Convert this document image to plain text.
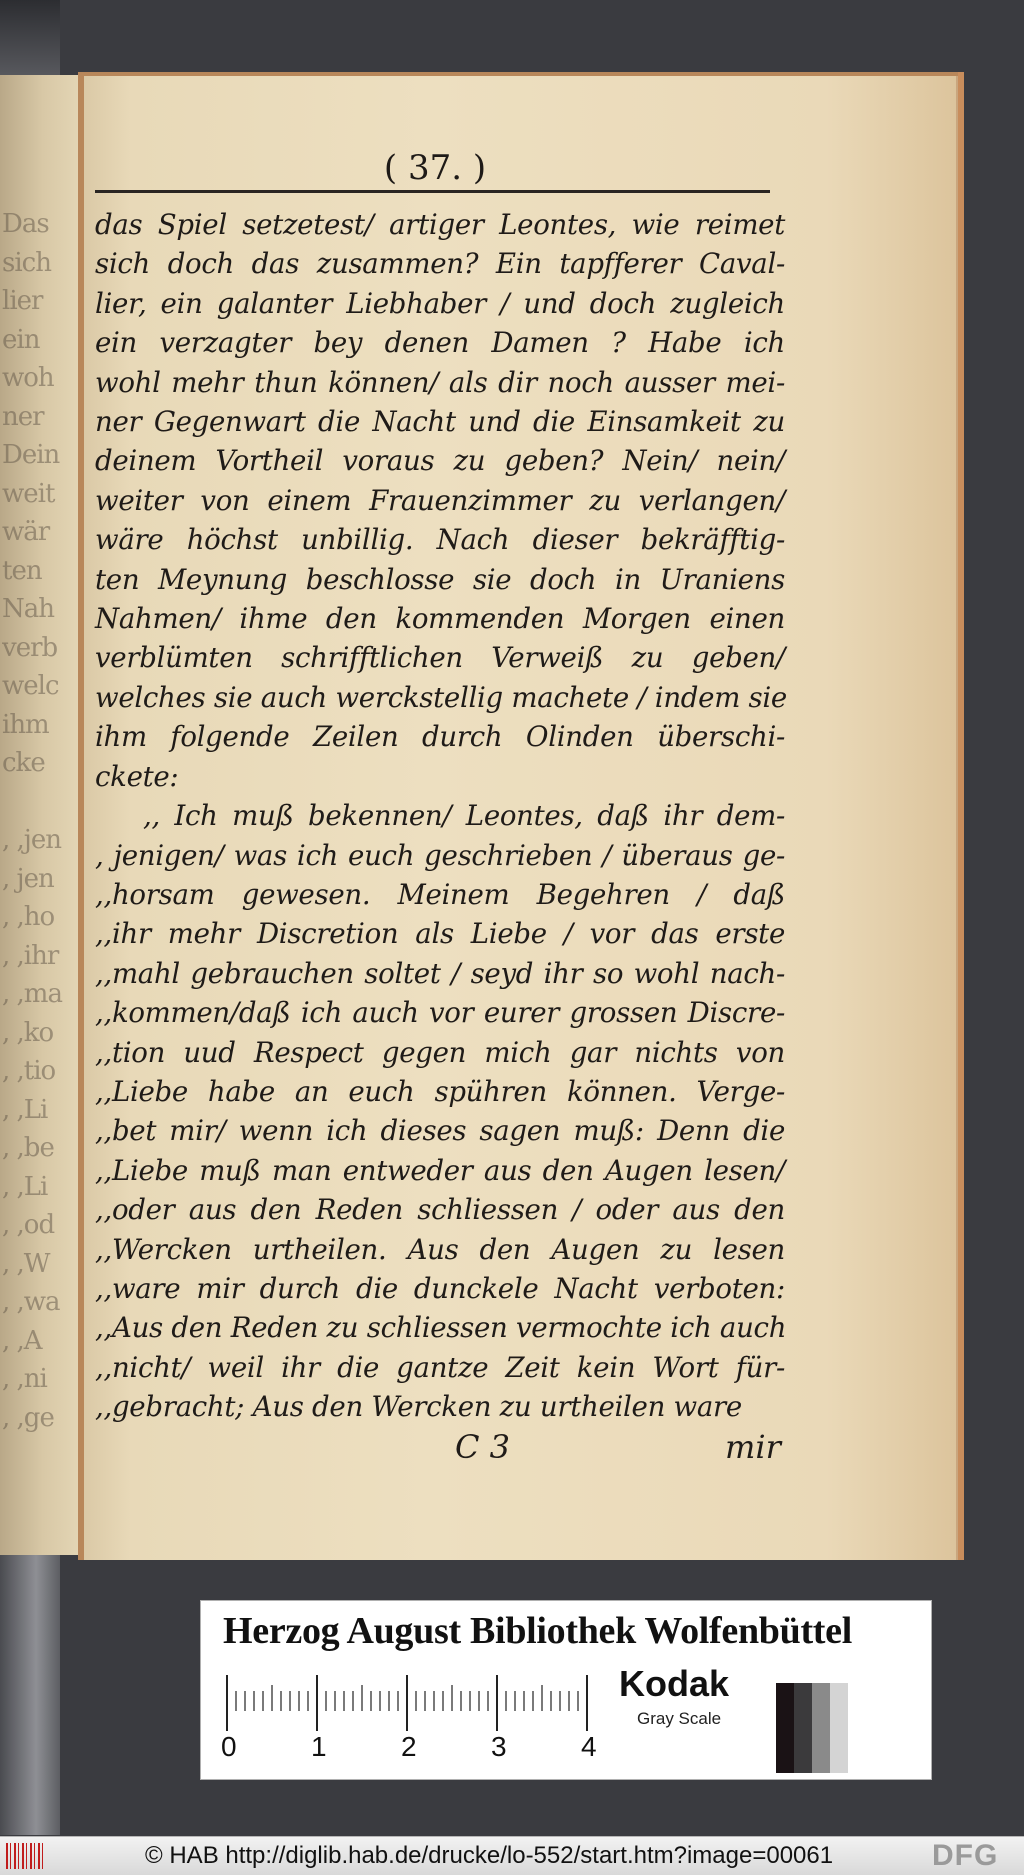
Das
sich
lier
ein
woh
ner
Dein
weit
wär
ten
Nah
verb
welc
ihm
cke

, ,jen
, jen
, ,ho
, ,ihr
, ,ma
, ,ko
, ,tio
, ,Li
, ,be
, ,Li
, ,od
, ,W
, ,wa
, ,A
, ,ni
, ,ge
( 37. )
das Spiel setzetest/ artiger Leontes, wie reimet
sich doch das zusammen? Ein tapfferer Caval-
lier, ein galanter Liebhaber / und doch zugleich
ein verzagter bey denen Damen ? Habe ich
wohl mehr thun können/ als dir noch ausser mei-
ner Gegenwart die Nacht und die Einsamkeit zu
deinem Vortheil voraus zu geben? Nein/ nein/
weiter von einem Frauenzimmer zu verlangen/
wäre höchst unbillig. Nach dieser bekräfftig-
ten Meynung beschlosse sie doch in Uraniens
Nahmen/ ihme den kommenden Morgen einen
verblümten schrifftlichen Verweiß zu geben/
welches sie auch werckstellig machete / indem sie
ihm folgende Zeilen durch Olinden überschi-
ckete:
,, Ich muß bekennen/ Leontes, daß ihr dem-
, jenigen/ was ich euch geschrieben / überaus ge-
,,horsam gewesen. Meinem Begehren / daß
,,ihr mehr Discretion als Liebe / vor das erste
,,mahl gebrauchen soltet / seyd ihr so wohl nach-
,,kommen/daß ich auch vor eurer grossen Discre-
,,tion uud Respect gegen mich gar nichts von
,,Liebe habe an euch spühren können. Verge-
,,bet mir/ wenn ich dieses sagen muß: Denn die
,,Liebe muß man entweder aus den Augen lesen/
,,oder aus den Reden schliessen / oder aus den
,,Wercken urtheilen. Aus den Augen zu lesen
,,ware mir durch die dunckele Nacht verboten:
,,Aus den Reden zu schliessen vermochte ich auch
,,nicht/ weil ihr die gantze Zeit kein Wort für-
,,gebracht; Aus den Wercken zu urtheilen ware
C 3	mir
Herzog August Bibliothek Wolfenbüttel
0	1	2	3	4
Kodak
Gray Scale
© HAB http://diglib.hab.de/drucke/lo-552/start.htm?image=00061	DFG
